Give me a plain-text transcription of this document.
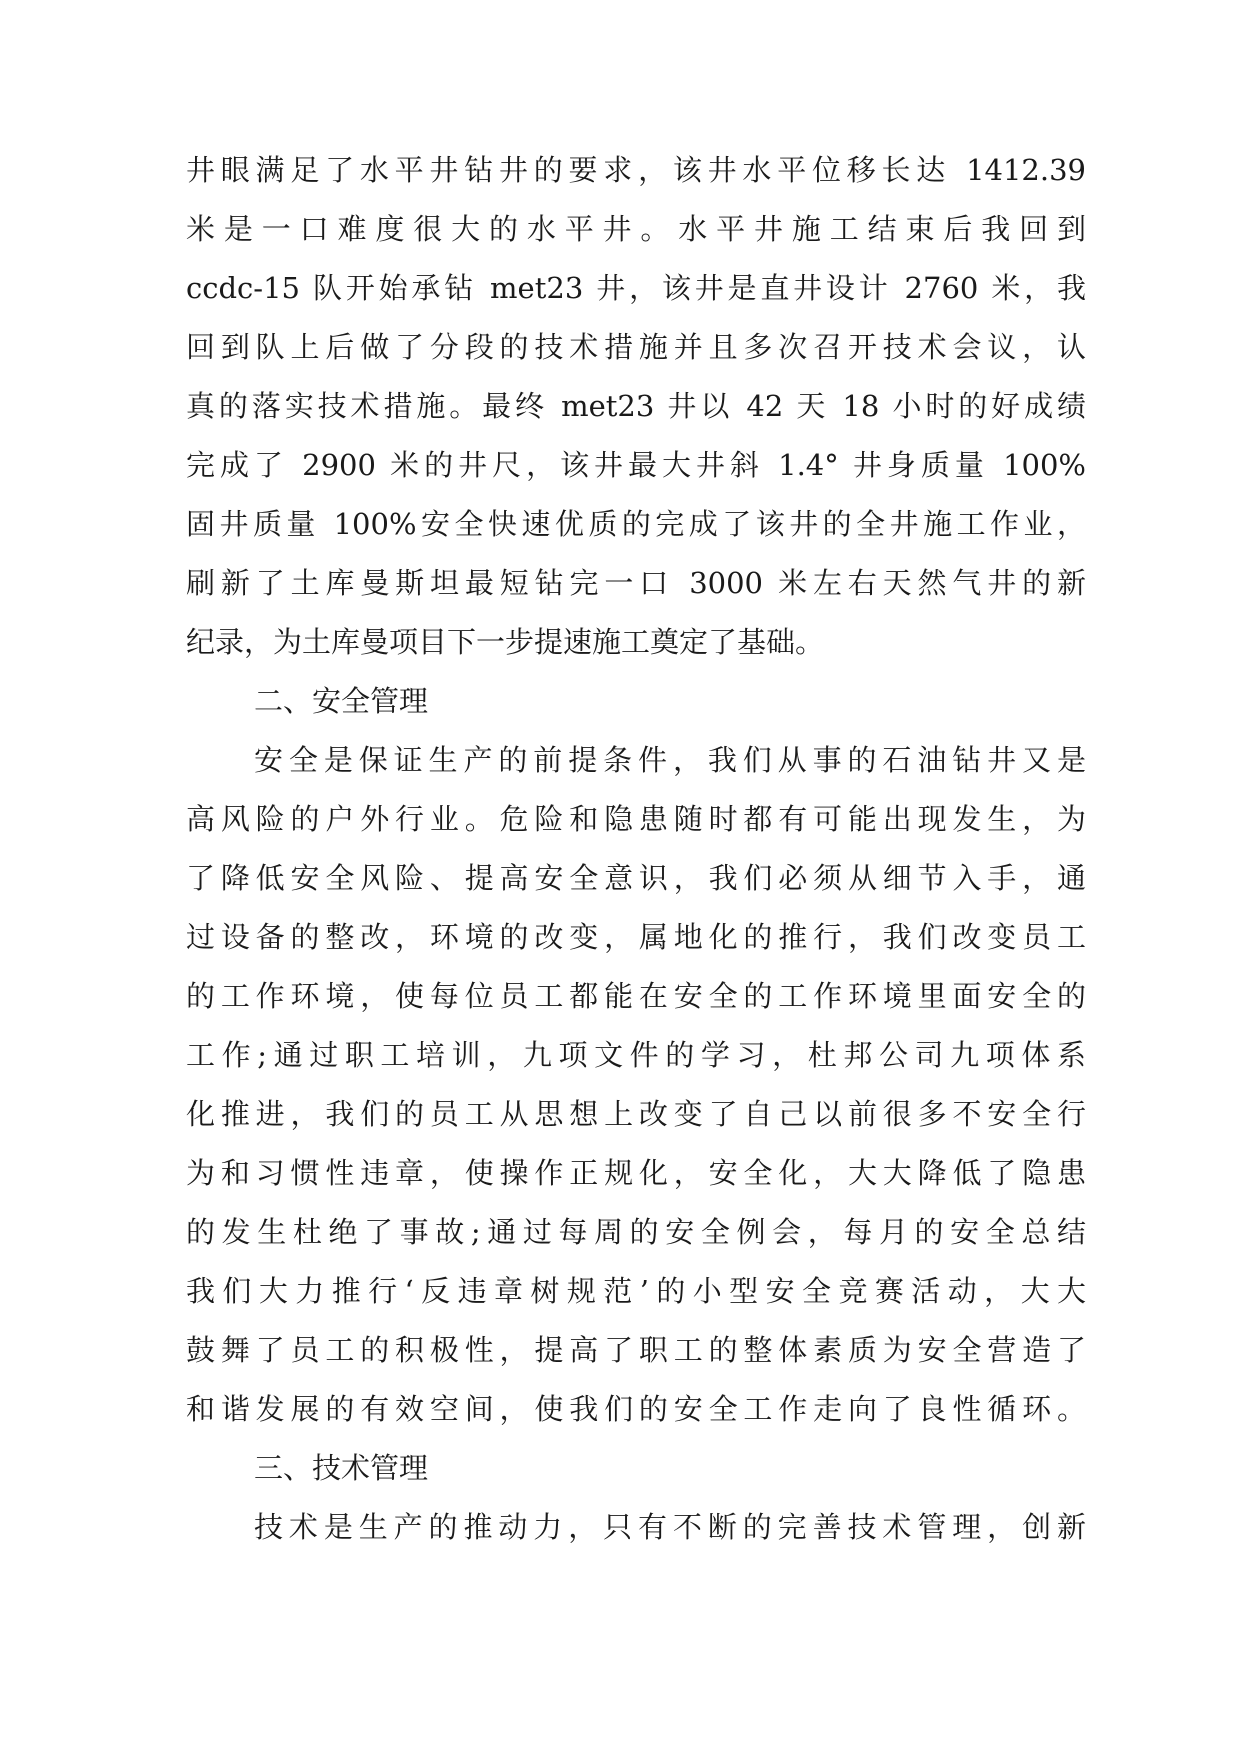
井眼满足了水平井钻井的要求，该井水平位移长达 1412.39
米是一口难度很大的水平井。水平井施工结束后我回到
ccdc-15 队开始承钻 met23 井，该井是直井设计 2760 米，我
回到队上后做了分段的技术措施并且多次召开技术会议，认
真的落实技术措施。最终 met23 井以 42 天 18 小时的好成绩
完成了 2900 米的井尺，该井最大井斜 1.4° 井身质量 100%
固井质量 100%安全快速优质的完成了该井的全井施工作业，
刷新了土库曼斯坦最短钻完一口 3000 米左右天然气井的新
纪录，为土库曼项目下一步提速施工奠定了基础。
二、安全管理
安全是保证生产的前提条件，我们从事的石油钻井又是
高风险的户外行业。危险和隐患随时都有可能出现发生，为
了降低安全风险、提高安全意识，我们必须从细节入手，通
过设备的整改，环境的改变，属地化的推行，我们改变员工
的工作环境，使每位员工都能在安全的工作环境里面安全的
工作;通过职工培训，九项文件的学习，杜邦公司九项体系
化推进，我们的员工从思想上改变了自己以前很多不安全行
为和习惯性违章，使操作正规化，安全化，大大降低了隐患
的发生杜绝了事故;通过每周的安全例会，每月的安全总结
我们大力推行‘反违章树规范’的小型安全竞赛活动，大大
鼓舞了员工的积极性，提高了职工的整体素质为安全营造了
和谐发展的有效空间，使我们的安全工作走向了良性循环。
三、技术管理
技术是生产的推动力，只有不断的完善技术管理，创新
